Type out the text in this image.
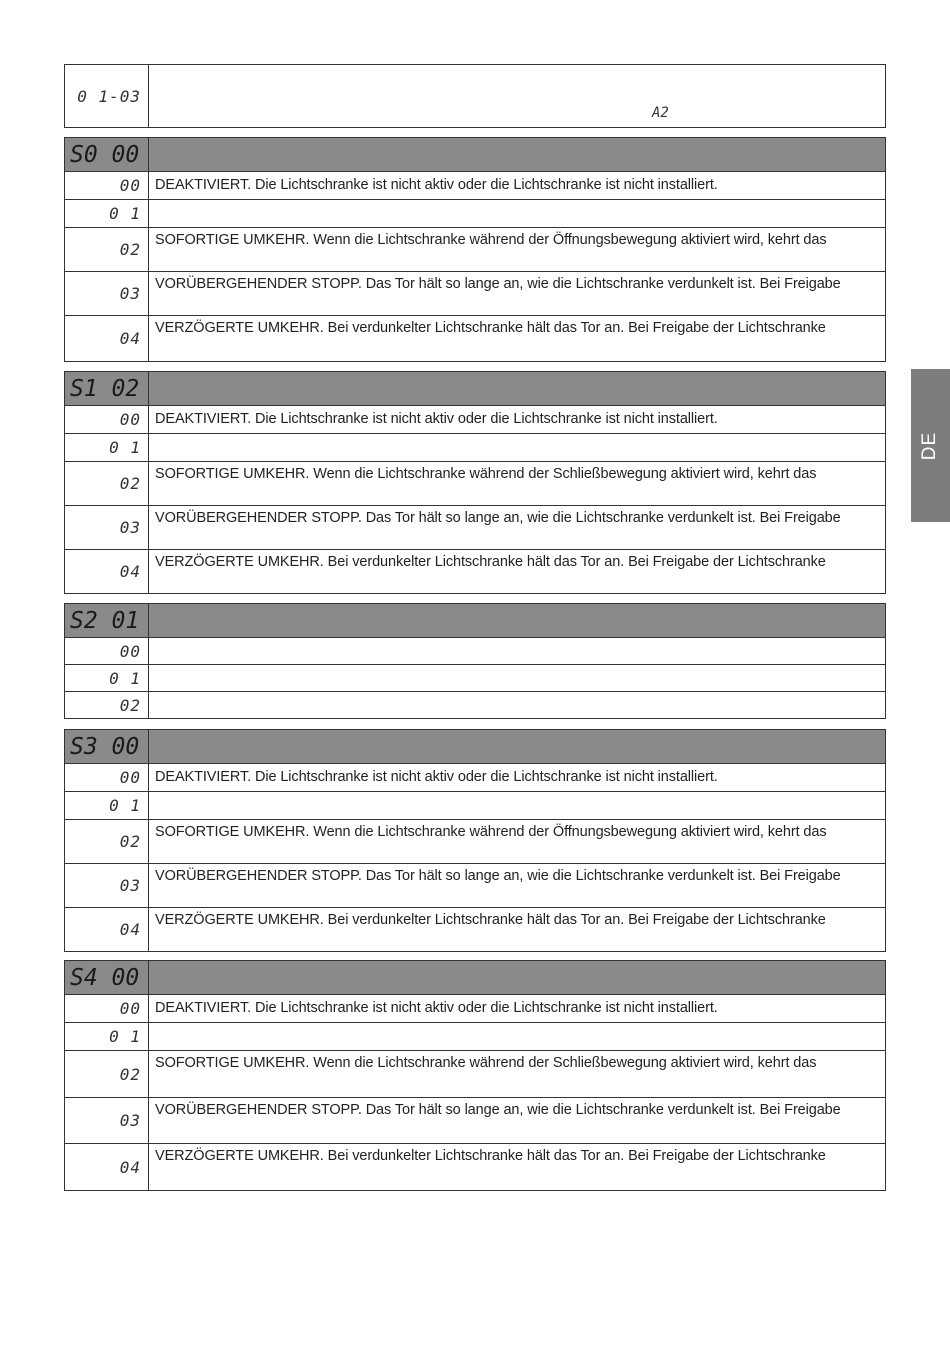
0 1-03
A2
S0 00
00 DEAKTIVIERT. Die Lichtschranke ist nicht aktiv oder die Lichtschranke ist nicht installiert.
0 1
02 SOFORTIGE UMKEHR. Wenn die Lichtschranke während der Öffnungsbewegung aktiviert wird, kehrt das
03 VORÜBERGEHENDER STOPP. Das Tor hält so lange an, wie die Lichtschranke verdunkelt ist. Bei Freigabe
04
VERZÖGERTE UMKEHR. Bei verdunkelter Lichtschranke hält das Tor an. Bei Freigabe der Lichtschranke
S1 02
00 DEAKTIVIERT. Die Lichtschranke ist nicht aktiv oder die Lichtschranke ist nicht installiert.
0 1
02 SOFORTIGE UMKEHR. Wenn die Lichtschranke während der Schließbewegung aktiviert wird, kehrt das
03 VORÜBERGEHENDER STOPP. Das Tor hält so lange an, wie die Lichtschranke verdunkelt ist. Bei Freigabe
04 VERZÖGERTE UMKEHR. Bei verdunkelter Lichtschranke hält das Tor an. Bei Freigabe der Lichtschranke
S2 01
00
0 1
02
S3 00
00 DEAKTIVIERT. Die Lichtschranke ist nicht aktiv oder die Lichtschranke ist nicht installiert.
0 1
02 SOFORTIGE UMKEHR. Wenn die Lichtschranke während der Öffnungsbewegung aktiviert wird, kehrt das
03 VORÜBERGEHENDER STOPP. Das Tor hält so lange an, wie die Lichtschranke verdunkelt ist. Bei Freigabe
04 VERZÖGERTE UMKEHR. Bei verdunkelter Lichtschranke hält das Tor an. Bei Freigabe der Lichtschranke
S4 00
00 DEAKTIVIERT. Die Lichtschranke ist nicht aktiv oder die Lichtschranke ist nicht installiert.
0 1
02
SOFORTIGE UMKEHR. Wenn die Lichtschranke während der Schließbewegung aktiviert wird, kehrt das
03
VORÜBERGEHENDER STOPP. Das Tor hält so lange an, wie die Lichtschranke verdunkelt ist. Bei Freigabe
04
VERZÖGERTE UMKEHR. Bei verdunkelter Lichtschranke hält das Tor an. Bei Freigabe der Lichtschranke
DE
